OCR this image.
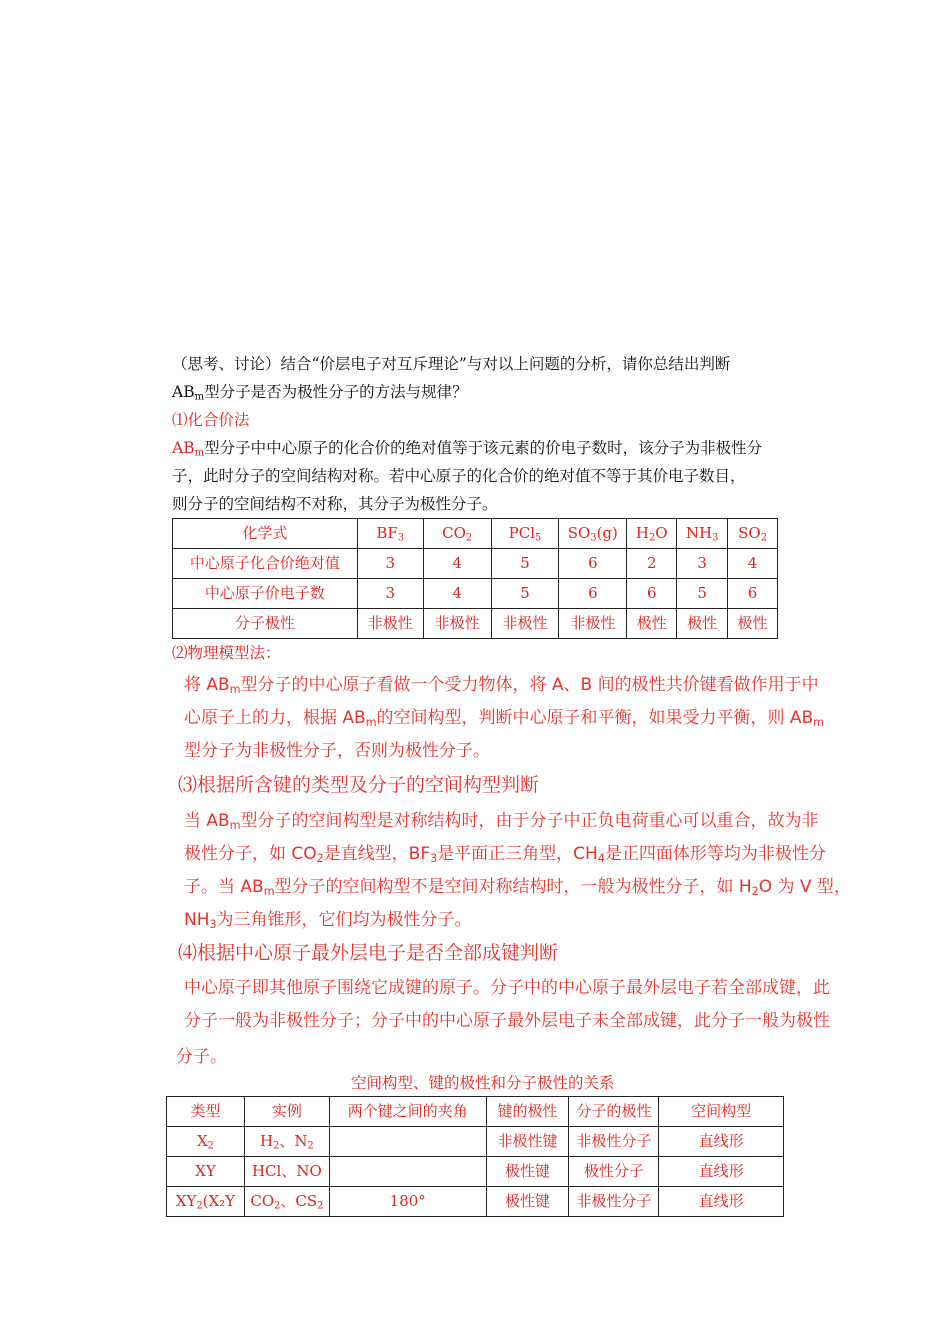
（思考、讨论）结合“价层电子对互斥理论”与对以上问题的分析，请你总结出判断
$AB_m$型分子是否为极性分子的方法与规律？
⑴化合价法
$AB_m$型分子中中心原子的化合价的绝对值等于该元素的价电子数时，该分子为非极性分
子，此时分子的空间结构对称。若中心原子的化合价的绝对值不等于其价电子数目，
则分子的空间结构不对称，其分子为极性分子。
化学式	$BF_3$	$CO_2$	PCl$_5$	$SO_3(g)$	$H_2O$	$NH_3$	$SO_2$
中心原子化合价绝对值	3	4	5	6	2	3	4
中心原子价电子数	3	4	5	6	6	5	6
分子极性	非极性	非极性	非极性	非极性	极性	极性	极性
⑵物理模型法：
将 $AB_m$型分子的中心原子看做一个受力物体，将 A、B 间的极性共价键看做作用于中
心原子上的力，根据 $AB_m$的空间构型，判断中心原子和平衡，如果受力平衡，则 $AB_m$
型分子为非极性分子，否则为极性分子。
⑶根据所含键的类型及分子的空间构型判断
当 $AB_m$型分子的空间构型是对称结构时，由于分子中正负电荷重心可以重合，故为非
极性分子，如 $CO_2$是直线型，$BF_3$是平面正三角型，$CH_4$是正四面体形等均为非极性分
子。当 $AB_m$型分子的空间构型不是空间对称结构时，一般为极性分子，如 $H_2O$ 为 V 型，
$NH_3$为三角锥形，它们均为极性分子。
⑷根据中心原子最外层电子是否全部成键判断
中心原子即其他原子围绕它成键的原子。分子中的中心原子最外层电子若全部成键，此
分子一般为非极性分子；分子中的中心原子最外层电子未全部成键，此分子一般为极性
分子。
空间构型、键的极性和分子极性的关系
类型	实例	两个键之间的夹角	键的极性	分子的极性	空间构型
$X_2$	$H_2$、$N_2$		非极性键	非极性分子	直线形
XY	HCl、NO		极性键	极性分子	直线形
$XY_2(X_2Y$	$CO_2$、$CS_2$	180°	极性键	非极性分子	直线形
